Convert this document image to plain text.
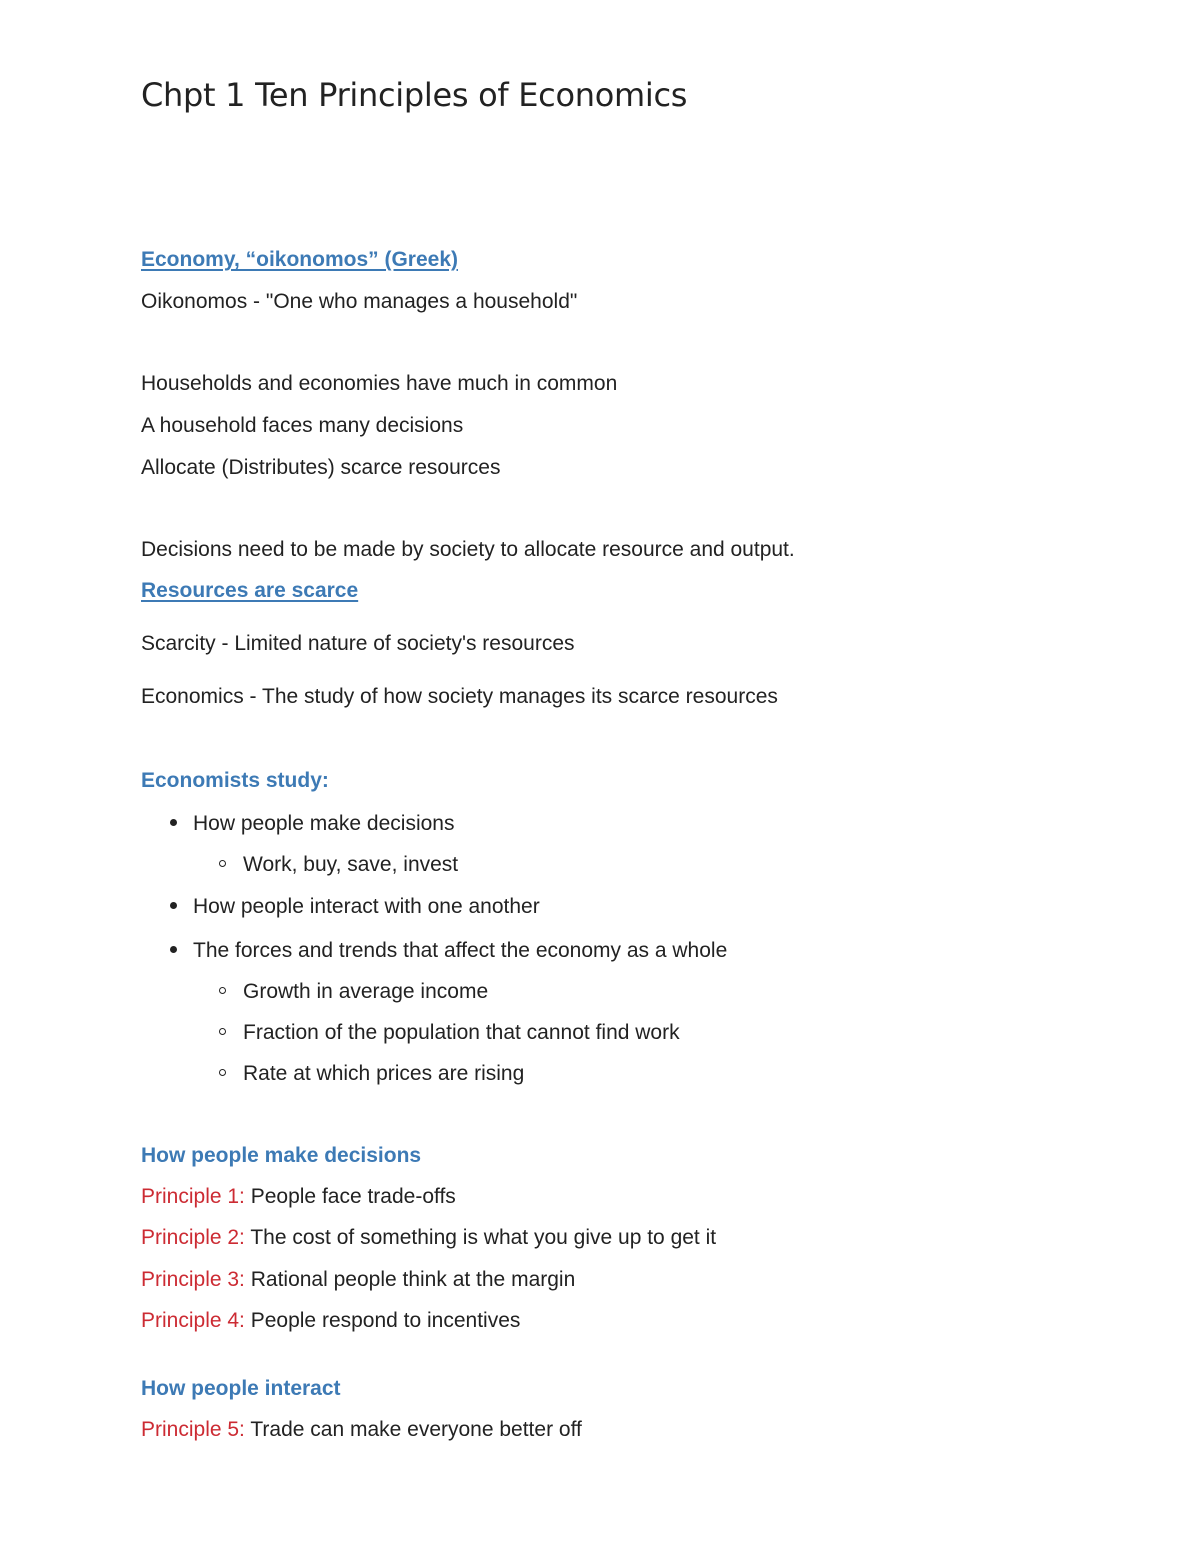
Chpt 1 Ten Principles of Economics
Economy, “oikonomos” (Greek)
Oikonomos - "One who manages a household"
Households and economies have much in common
A household faces many decisions
Allocate (Distributes) scarce resources
Decisions need to be made by society to allocate resource and output.
Resources are scarce
Scarcity - Limited nature of society's resources
Economics - The study of how society manages its scarce resources
Economists study:
How people make decisions
Work, buy, save, invest
How people interact with one another
The forces and trends that affect the economy as a whole
Growth in average income
Fraction of the population that cannot find work
Rate at which prices are rising
How people make decisions
Principle 1: People face trade-offs
Principle 2: The cost of something is what you give up to get it
Principle 3: Rational people think at the margin
Principle 4: People respond to incentives
How people interact
Principle 5: Trade can make everyone better off
